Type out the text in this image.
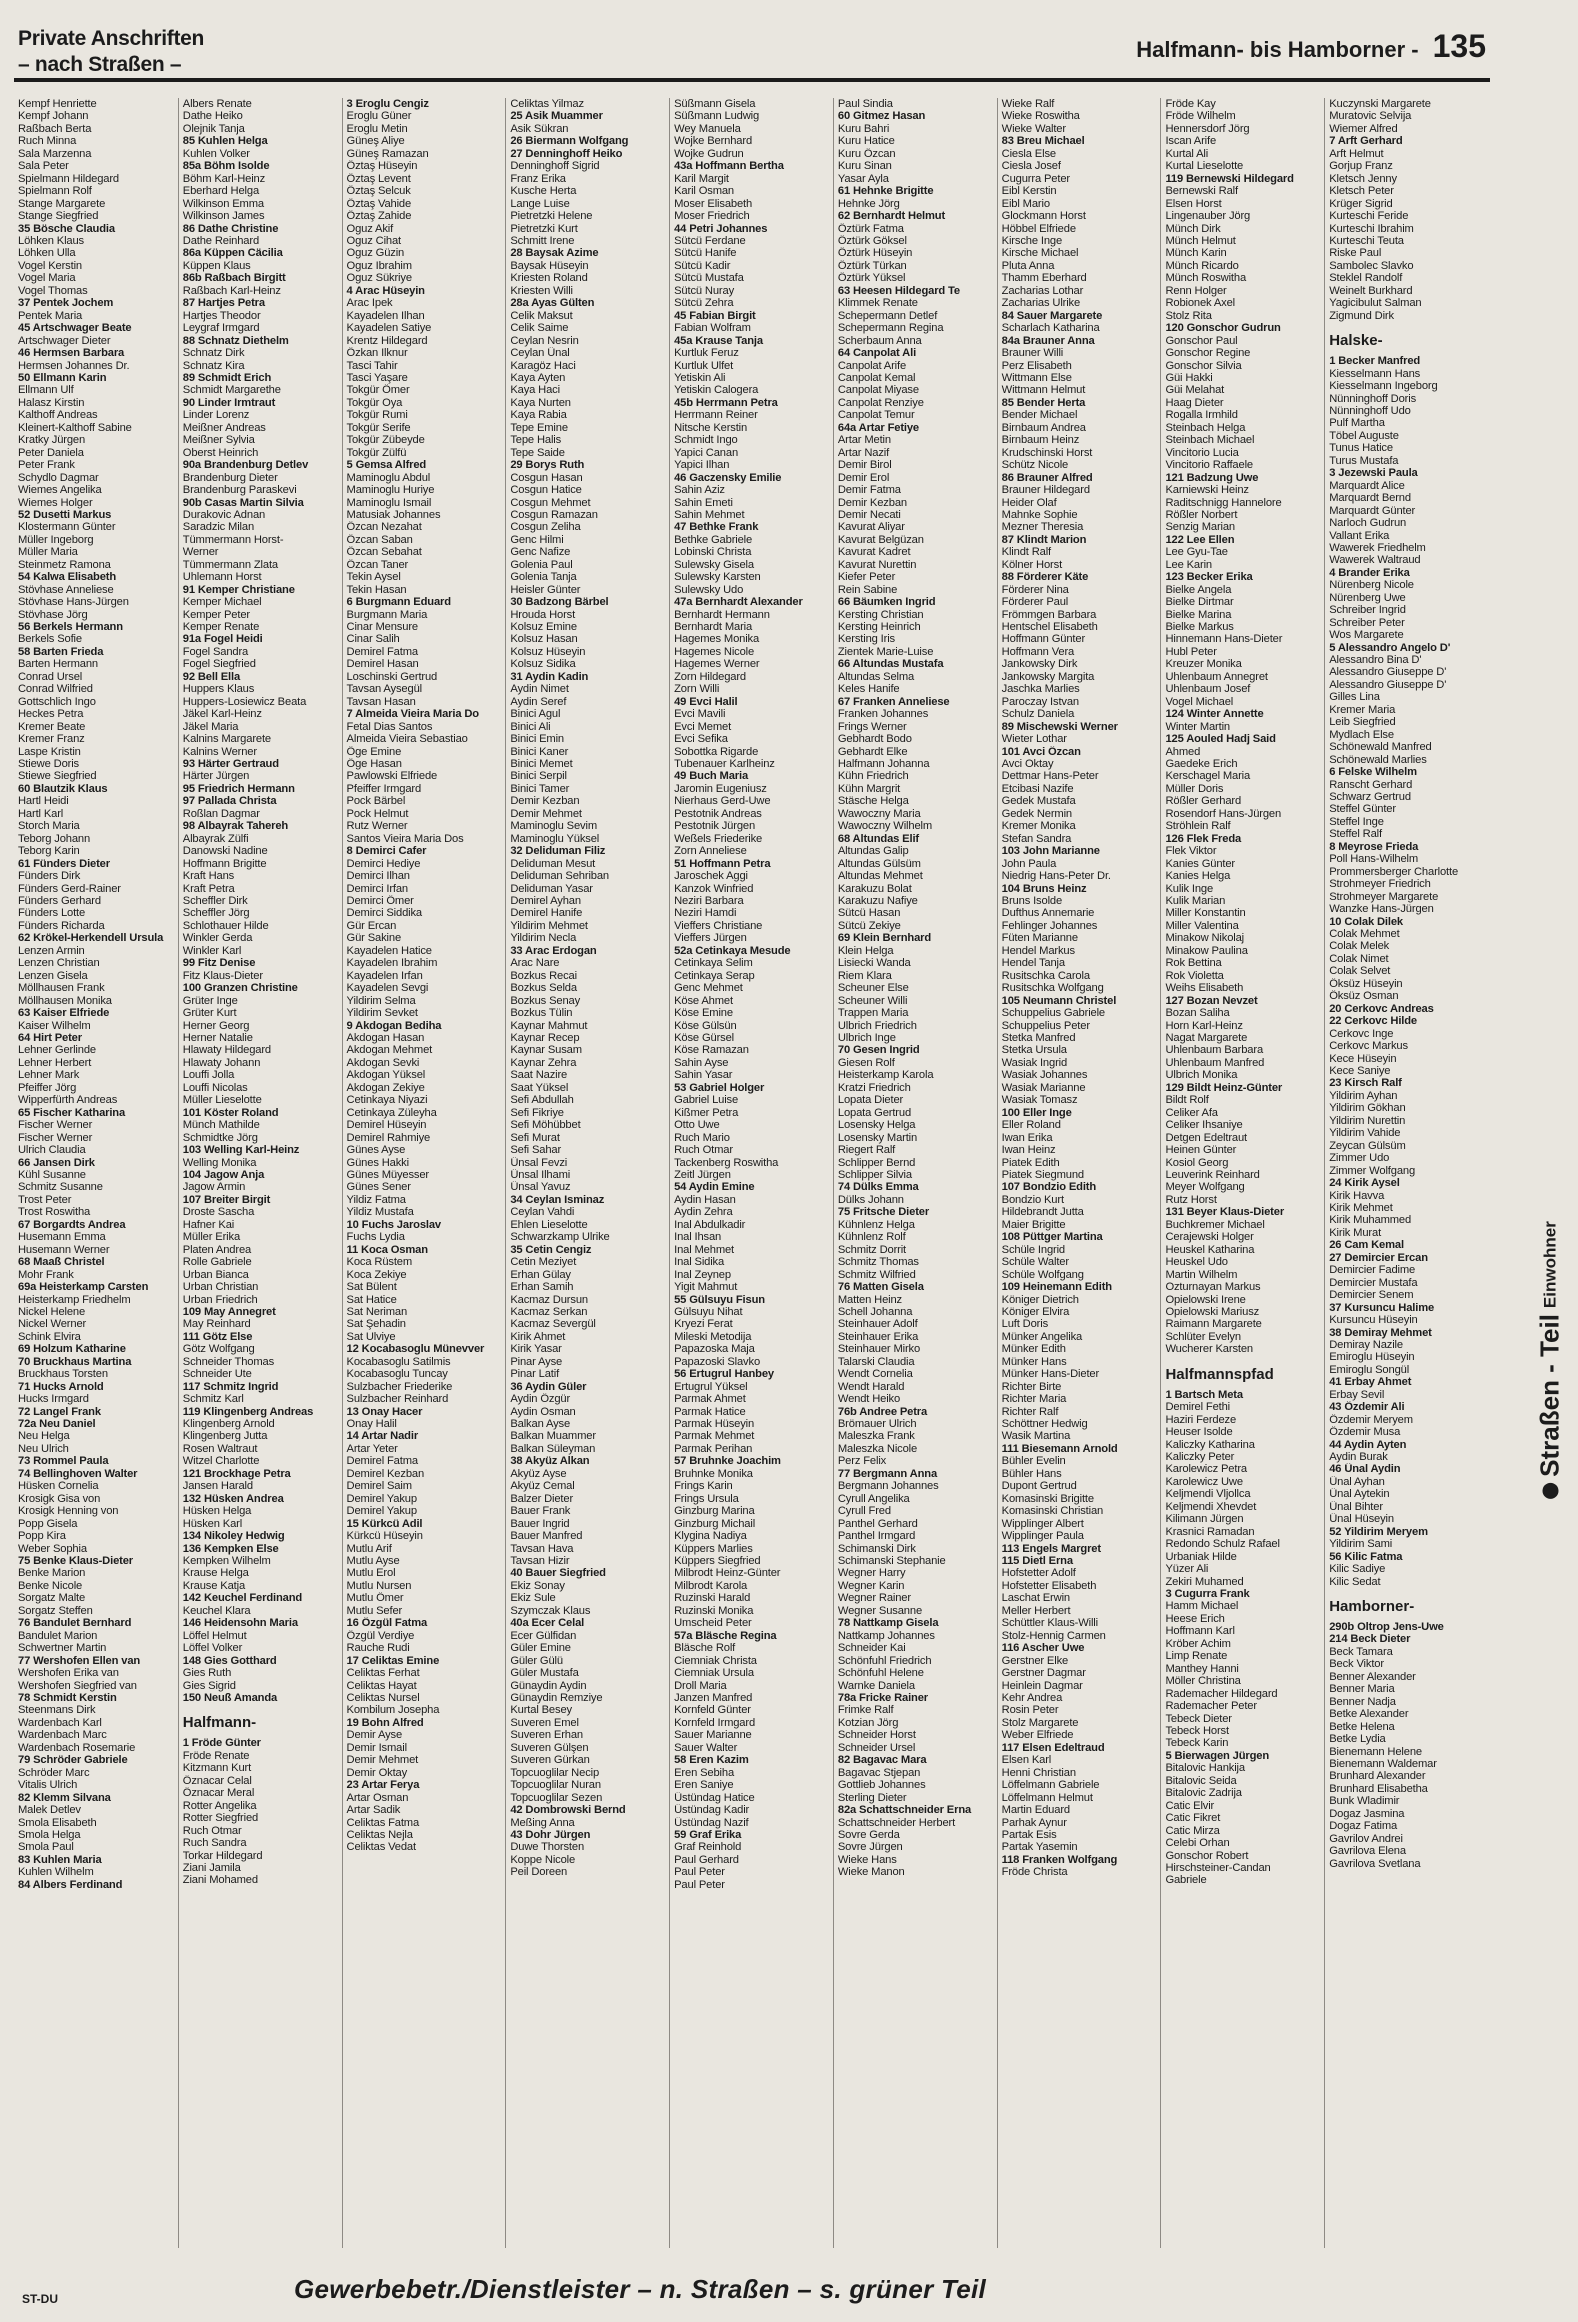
Private Anschriften
– nach Straßen –
Halfmann- bis Hamborner - 135
Kempf Henriette
Kempf Johann
Raßbach Berta
Ruch Minna
Sala Marzenna
Sala Peter
Spielmann Hildegard
Spielmann Rolf
Stange Margarete
Stange Siegfried
35 Bösche Claudia
Löhken Klaus
Löhken Ulla
Vogel Kerstin
Vogel Maria
Vogel Thomas
37 Pentek Jochem
Pentek Maria
45 Artschwager Beate
Artschwager Dieter
46 Hermsen Barbara
Hermsen Johannes Dr.
50 Ellmann Karin
Ellmann Ulf
Halasz Kirstin
Kalthoff Andreas
Kleinert-Kalthoff Sabine
Kratky Jürgen
Peter Daniela
Peter Frank
Schydlo Dagmar
Wiemes Angelika
Wiemes Holger
52 Dusetti Markus
Klostermann Günter
Müller Ingeborg
Müller Maria
Steinmetz Ramona
54 Kalwa Elisabeth
Stövhase Anneliese
Stövhase Hans-Jürgen
Stövhase Jörg
56 Berkels Hermann
Berkels Sofie
58 Barten Frieda
Barten Hermann
Conrad Ursel
Conrad Wilfried
Gottschlich Ingo
Heckes Petra
Kremer Beate
Kremer Franz
Laspe Kristin
Stiewe Doris
Stiewe Siegfried
60 Blautzik Klaus
Hartl Heidi
Hartl Karl
Storch Maria
Teborg Johann
Teborg Karin
61 Fünders Dieter
Fünders Dirk
Fünders Gerd-Rainer
Fünders Gerhard
Fünders Lotte
Fünders Richarda
62 Krökel-Herkendell Ursula
Lenzen Armin
Lenzen Christian
Lenzen Gisela
Möllhausen Frank
Möllhausen Monika
63 Kaiser Elfriede
Kaiser Wilhelm
64 Hirt Peter
Lehner Gerlinde
Lehner Herbert
Lehner Mark
Pfeiffer Jörg
Wipperfürth Andreas
65 Fischer Katharina
Fischer Werner
Fischer Werner
Ulrich Claudia
66 Jansen Dirk
Kühl Susanne
Schmitz Susanne
Trost Peter
Trost Roswitha
67 Borgardts Andrea
Husemann Emma
Husemann Werner
68 Maaß Christel
Mohr Frank
69a Heisterkamp Carsten
Heisterkamp Friedhelm
Nickel Helene
Nickel Werner
Schink Elvira
69 Holzum Katharine
70 Bruckhaus Martina
Bruckhaus Torsten
71 Hucks Arnold
Hucks Irmgard
72 Langel Frank
72a Neu Daniel
Neu Helga
Neu Ulrich
73 Rommel Paula
74 Bellinghoven Walter
Hüsken Cornelia
Krosigk Gisa von
Krosigk Henning von
Popp Gisela
Popp Kira
Weber Sophia
75 Benke Klaus-Dieter
Benke Marion
Benke Nicole
Sorgatz Malte
Sorgatz Steffen
76 Bandulet Bernhard
Bandulet Marion
Schwertner Martin
77 Wershofen Ellen van
Wershofen Erika van
Wershofen Siegfried van
78 Schmidt Kerstin
Steenmans Dirk
Wardenbach Karl
Wardenbach Marc
Wardenbach Rosemarie
79 Schröder Gabriele
Schröder Marc
Vitalis Ulrich
82 Klemm Silvana
Malek Detlev
Smola Elisabeth
Smola Helga
Smola Paul
83 Kuhlen Maria
Kuhlen Wilhelm
84 Albers Ferdinand
Albers Renate
Dathe Heiko
Olejnik Tanja
85 Kuhlen Helga
Kuhlen Volker
85a Böhm Isolde
Böhm Karl-Heinz
Eberhard Helga
Wilkinson Emma
Wilkinson James
86 Dathe Christine
Dathe Reinhard
86a Küppen Cäcilia
Küppen Klaus
86b Raßbach Birgitt
Raßbach Karl-Heinz
87 Hartjes Petra
Hartjes Theodor
Leygraf Irmgard
88 Schnatz Diethelm
Schnatz Dirk
Schnatz Kira
89 Schmidt Erich
Schmidt Margarethe
90 Linder Irmtraut
Linder Lorenz
Meißner Andreas
Meißner Sylvia
Oberst Heinrich
90a Brandenburg Detlev
Brandenburg Dieter
Brandenburg Paraskevi
90b Casas Martin Silvia
Durakovic Adnan
Saradzic Milan
Tümmermann Horst-
Werner
Tümmermann Zlata
Uhlemann Horst
91 Kemper Christiane
Kemper Michael
Kemper Peter
Kemper Renate
91a Fogel Heidi
Fogel Sandra
Fogel Siegfried
92 Bell Ella
Huppers Klaus
Huppers-Losiewicz Beata
Jäkel Karl-Heinz
Jäkel Maria
Kalnins Margarete
Kalnins Werner
93 Härter Gertraud
Härter Jürgen
95 Friedrich Hermann
97 Pallada Christa
Roßlan Dagmar
98 Albayrak Tahereh
Albayrak Zülfi
Danowski Nadine
Hoffmann Brigitte
Kraft Hans
Kraft Petra
Scheffler Dirk
Scheffler Jörg
Schlothauer Hilde
Winkler Gerda
Winkler Karl
99 Fitz Denise
Fitz Klaus-Dieter
100 Granzen Christine
Grüter Inge
Grüter Kurt
Herner Georg
Herner Natalie
Hlawaty Hildegard
Hlawaty Johann
Louffi Jolla
Louffi Nicolas
Müller Lieselotte
101 Köster Roland
Münch Mathilde
Schmidtke Jörg
103 Welling Karl-Heinz
Welling Monika
104 Jagow Anja
Jagow Armin
107 Breiter Birgit
Droste Sascha
Hafner Kai
Müller Erika
Platen Andrea
Rolle Gabriele
Urban Bianca
Urban Christian
Urban Friedrich
109 May Annegret
May Reinhard
111 Götz Else
Götz Wolfgang
Schneider Thomas
Schneider Ute
117 Schmitz Ingrid
Schmitz Karl
119 Klingenberg Andreas
Klingenberg Arnold
Klingenberg Jutta
Rosen Waltraut
Witzel Charlotte
121 Brockhage Petra
Jansen Harald
132 Hüsken Andrea
Hüsken Helga
Hüsken Karl
134 Nikoley Hedwig
136 Kempken Else
Kempken Wilhelm
Krause Helga
Krause Katja
142 Keuchel Ferdinand
Keuchel Klara
146 Heidensohn Maria
Löffel Helmut
Löffel Volker
148 Gies Gotthard
Gies Ruth
Gies Sigrid
150 Neuß Amanda
Halfmann-
1 Fröde Günter
Fröde Renate
Kitzmann Kurt
Öznacar Celal
Öznacar Meral
Rotter Angelika
Rotter Siegfried
Ruch Otmar
Ruch Sandra
Torkar Hildegard
Ziani Jamila
Ziani Mohamed
3 Eroglu Cengiz
Eroglu Güner
Eroglu Metin
Güneş Aliye
Güneş Ramazan
Öztaş Hüseyin
Öztaş Levent
Öztaş Selcuk
Öztaş Vahide
Öztaş Zahide
Oguz Akif
Oguz Cihat
Oguz Güzin
Oguz Ibrahim
Oguz Sükriye
4 Arac Hüseyin
Arac Ipek
Kayadelen Ilhan
Kayadelen Satiye
Krentz Hildegard
Özkan Ilknur
Tasci Tahir
Tasci Yaşare
Tokgür Ömer
Tokgür Oya
Tokgür Rumi
Tokgür Serife
Tokgür Zübeyde
Tokgür Zülfü
5 Gemsa Alfred
Maminoglu Abdul
Maminoglu Huriye
Maminoglu Ismail
Matusiak Johannes
Özcan Nezahat
Özcan Saban
Özcan Sebahat
Özcan Taner
Tekin Aysel
Tekin Hasan
6 Burgmann Eduard
Burgmann Maria
Cinar Mensure
Cinar Salih
Demirel Fatma
Demirel Hasan
Loschinski Gertrud
Tavsan Aysegül
Tavsan Hasan
7 Almeida Vieira Maria Do
Fetal Dias Santos
Almeida Vieira Sebastiao
Öge Emine
Öge Hasan
Pawlowski Elfriede
Pfeiffer Irmgard
Pock Bärbel
Pock Helmut
Rutz Werner
Santos Vieira Maria Dos
8 Demirci Cafer
Demirci Hediye
Demirci Ilhan
Demirci Irfan
Demirci Ömer
Demirci Siddika
Gür Ercan
Gür Sakine
Kayadelen Hatice
Kayadelen Ibrahim
Kayadelen Irfan
Kayadelen Sevgi
Yildirim Selma
Yildirim Sevket
9 Akdogan Bediha
Akdogan Hasan
Akdogan Mehmet
Akdogan Sevki
Akdogan Yüksel
Akdogan Zekiye
Cetinkaya Niyazi
Cetinkaya Züleyha
Demirel Hüseyin
Demirel Rahmiye
Günes Ayse
Günes Hakki
Günes Müyesser
Günes Sener
Yildiz Fatma
Yildiz Mustafa
10 Fuchs Jaroslav
Fuchs Lydia
11 Koca Osman
Koca Rüstem
Koca Zekiye
Sat Bülent
Sat Hatice
Sat Neriman
Sat Şehadin
Sat Ulviye
12 Kocabasoglu Münevver
Kocabasoglu Satilmis
Kocabasoglu Tuncay
Sulzbacher Friederike
Sulzbacher Reinhard
13 Onay Hacer
Onay Halil
14 Artar Nadir
Artar Yeter
Demirel Fatma
Demirel Kezban
Demirel Saim
Demirel Yakup
Demirel Yakup
15 Kürkcü Adil
Kürkcü Hüseyin
Mutlu Arif
Mutlu Ayse
Mutlu Erol
Mutlu Nursen
Mutlu Ömer
Mutlu Sefer
16 Özgül Fatma
Özgül Verdiye
Rauche Rudi
17 Celiktas Emine
Celiktas Ferhat
Celiktas Hayat
Celiktas Nursel
Kombilum Josepha
19 Bohn Alfred
Demir Ayse
Demir Ismail
Demir Mehmet
Demir Oktay
23 Artar Ferya
Artar Osman
Artar Sadik
Celiktas Fatma
Celiktas Nejla
Celiktas Vedat
Celiktas Yilmaz
25 Asik Muammer
Asik Sükran
26 Biermann Wolfgang
27 Denninghoff Heiko
Denninghoff Sigrid
Franz Erika
Kusche Herta
Lange Luise
Pietretzki Helene
Pietretzki Kurt
Schmitt Irene
28 Baysak Azime
Baysak Hüseyin
Kriesten Roland
Kriesten Willi
28a Ayas Gülten
Celik Maksut
Celik Saime
Ceylan Nesrin
Ceylan Ünal
Karagöz Haci
Kaya Ayten
Kaya Haci
Kaya Nurten
Kaya Rabia
Tepe Emine
Tepe Halis
Tepe Saide
29 Borys Ruth
Cosgun Hasan
Cosgun Hatice
Cosgun Mehmet
Cosgun Ramazan
Cosgun Zeliha
Genc Hilmi
Genc Nafize
Golenia Paul
Golenia Tanja
Heisler Günter
30 Badzong Bärbel
Hrouda Horst
Kolsuz Emine
Kolsuz Hasan
Kolsuz Hüseyin
Kolsuz Sidika
31 Aydin Kadin
Aydin Nimet
Aydin Seref
Binici Agul
Binici Ali
Binici Emin
Binici Kaner
Binici Memet
Binici Serpil
Binici Tamer
Demir Kezban
Demir Mehmet
Maminoglu Sevim
Maminoglu Yüksel
32 Deliduman Filiz
Deliduman Mesut
Deliduman Sehriban
Deliduman Yasar
Demirel Ayhan
Demirel Hanife
Yildirim Mehmet
Yildirim Necla
33 Arac Erdogan
Arac Nare
Bozkus Recai
Bozkus Selda
Bozkus Senay
Bozkus Tülin
Kaynar Mahmut
Kaynar Recep
Kaynar Susam
Kaynar Zehra
Saat Nazire
Saat Yüksel
Sefi Abdullah
Sefi Fikriye
Sefi Möhübbet
Sefi Murat
Sefi Sahar
Ünsal Fevzi
Ünsal Ilhami
Ünsal Yavuz
34 Ceylan Isminaz
Ceylan Vahdi
Ehlen Lieselotte
Schwarzkamp Ulrike
35 Cetin Cengiz
Cetin Meziyet
Erhan Gülay
Erhan Samih
Kacmaz Dursun
Kacmaz Serkan
Kacmaz Severgül
Kirik Ahmet
Kirik Yasar
Pinar Ayse
Pinar Latif
36 Aydin Güler
Aydin Özgür
Aydin Osman
Balkan Ayse
Balkan Muammer
Balkan Süleyman
38 Akyüz Alkan
Akyüz Ayse
Akyüz Cemal
Balzer Dieter
Bauer Frank
Bauer Ingrid
Bauer Manfred
Tavsan Hava
Tavsan Hizir
40 Bauer Siegfried
Ekiz Sonay
Ekiz Sule
Szymczak Klaus
40a Ecer Celal
Ecer Gülfidan
Güler Emine
Güler Gülü
Güler Mustafa
Günaydin Aydin
Günaydin Remziye
Kurtal Besey
Suveren Emel
Suveren Erhan
Suveren Gülşen
Suveren Gürkan
Topcuoglilar Necip
Topcuoglilar Nuran
Topcuoglilar Sezen
42 Dombrowski Bernd
Meßing Anna
43 Dohr Jürgen
Duwe Thorsten
Koppe Nicole
Peil Doreen
Süßmann Gisela
Süßmann Ludwig
Wey Manuela
Wojke Bernhard
Wojke Gudrun
43a Hoffmann Bertha
Karil Margit
Karil Osman
Moser Elisabeth
Moser Friedrich
44 Petri Johannes
Sütcü Ferdane
Sütcü Hanife
Sütcü Kadir
Sütcü Mustafa
Sütcü Nuray
Sütcü Zehra
45 Fabian Birgit
Fabian Wolfram
45a Krause Tanja
Kurtluk Feruz
Kurtluk Ulfet
Yetiskin Ali
Yetiskin Calogera
45b Herrmann Petra
Herrmann Reiner
Nitsche Kerstin
Schmidt Ingo
Yapici Canan
Yapici Ilhan
46 Gaczensky Emilie
Sahin Aziz
Sahin Emeti
Sahin Mehmet
47 Bethke Frank
Bethke Gabriele
Lobinski Christa
Sulewsky Gisela
Sulewsky Karsten
Sulewsky Udo
47a Bernhardt Alexander
Bernhardt Hermann
Bernhardt Maria
Hagemes Monika
Hagemes Nicole
Hagemes Werner
Zorn Hildegard
Zorn Willi
49 Evci Halil
Evci Mavili
Evci Memet
Evci Sefika
Sobottka Rigarde
Tubenauer Karlheinz
49 Buch Maria
Jaromin Eugeniusz
Nierhaus Gerd-Uwe
Pestotnik Andreas
Pestotnik Jürgen
Weßels Friederike
Zorn Anneliese
51 Hoffmann Petra
Jaroschek Aggi
Kanzok Winfried
Neziri Barbara
Neziri Hamdi
Vieffers Christiane
Vieffers Jürgen
52a Cetinkaya Mesude
Cetinkaya Selim
Cetinkaya Serap
Genc Mehmet
Köse Ahmet
Köse Emine
Köse Gülsün
Köse Gürsel
Köse Ramazan
Sahin Ayse
Sahin Yasar
53 Gabriel Holger
Gabriel Luise
Kißmer Petra
Otto Uwe
Ruch Mario
Ruch Otmar
Tackenberg Roswitha
Zeitl Jürgen
54 Aydin Emine
Aydin Hasan
Aydin Zehra
Inal Abdulkadir
Inal Ihsan
Inal Mehmet
Inal Sidika
Inal Zeynep
Yigit Mahmut
55 Gülsuyu Fisun
Gülsuyu Nihat
Kryezi Ferat
Mileski Metodija
Papazoska Maja
Papazoski Slavko
56 Ertugrul Hanbey
Ertugrul Yüksel
Parmak Ahmet
Parmak Hatice
Parmak Hüseyin
Parmak Mehmet
Parmak Perihan
57 Bruhnke Joachim
Bruhnke Monika
Frings Karin
Frings Ursula
Ginzburg Marina
Ginzburg Michail
Klygina Nadiya
Küppers Marlies
Küppers Siegfried
Milbrodt Heinz-Günter
Milbrodt Karola
Ruzinski Harald
Ruzinski Monika
Umscheid Peter
57a Bläsche Regina
Bläsche Rolf
Ciemniak Christa
Ciemniak Ursula
Droll Maria
Janzen Manfred
Kornfeld Günter
Kornfeld Irmgard
Sauer Marianne
Sauer Walter
58 Eren Kazim
Eren Sebiha
Eren Saniye
Üstündag Hatice
Üstündag Kadir
Üstündag Nazif
59 Graf Erika
Graf Reinhold
Paul Gerhard
Paul Peter
Paul Peter
Paul Sindia
60 Gitmez Hasan
Kuru Bahri
Kuru Hatice
Kuru Özcan
Kuru Sinan
Yasar Ayla
61 Hehnke Brigitte
Hehnke Jörg
62 Bernhardt Helmut
Öztürk Fatma
Öztürk Göksel
Öztürk Hüseyin
Öztürk Türkan
Öztürk Yüksel
63 Heesen Hildegard Te
Klimmek Renate
Schepermann Detlef
Schepermann Regina
Scherbaum Anna
64 Canpolat Ali
Canpolat Arife
Canpolat Kemal
Canpolat Miyase
Canpolat Renziye
Canpolat Temur
64a Artar Fetiye
Artar Metin
Artar Nazif
Demir Birol
Demir Erol
Demir Fatma
Demir Kezban
Demir Necati
Kavurat Aliyar
Kavurat Belgüzan
Kavurat Kadret
Kavurat Nurettin
Kiefer Peter
Rein Sabine
66 Bäumken Ingrid
Kersting Christian
Kersting Heinrich
Kersting Iris
Zientek Marie-Luise
66 Altundas Mustafa
Altundas Selma
Keles Hanife
67 Franken Anneliese
Franken Johannes
Frings Werner
Gebhardt Bodo
Gebhardt Elke
Halfmann Johanna
Kühn Friedrich
Kühn Margrit
Stäsche Helga
Wawoczny Maria
Wawoczny Wilhelm
68 Altundas Elif
Altundas Galip
Altundas Gülsüm
Altundas Mehmet
Karakuzu Bolat
Karakuzu Nafiye
Sütcü Hasan
Sütcü Zekiye
69 Klein Bernhard
Klein Helga
Lisiecki Wanda
Riem Klara
Scheuner Else
Scheuner Willi
Trappen Maria
Ulbrich Friedrich
Ulbrich Inge
70 Gesen Ingrid
Giesen Rolf
Heisterkamp Karola
Kratzi Friedrich
Lopata Dieter
Lopata Gertrud
Losensky Helga
Losensky Martin
Riegert Ralf
Schlipper Bernd
Schlipper Silvia
74 Dülks Emma
Dülks Johann
75 Fritsche Dieter
Kühnlenz Helga
Kühnlenz Rolf
Schmitz Dorrit
Schmitz Thomas
Schmitz Wilfried
76 Matten Gisela
Matten Heinz
Schell Johanna
Steinhauer Adolf
Steinhauer Erika
Steinhauer Mirko
Talarski Claudia
Wendt Cornelia
Wendt Harald
Wendt Heiko
76b Andree Petra
Brömauer Ulrich
Maleszka Frank
Maleszka Nicole
Perz Felix
77 Bergmann Anna
Bergmann Johannes
Cyrull Angelika
Cyrull Fred
Panthel Gerhard
Panthel Irmgard
Schimanski Dirk
Schimanski Stephanie
Wegner Harry
Wegner Karin
Wegner Rainer
Wegner Susanne
78 Nattkamp Gisela
Nattkamp Johannes
Schneider Kai
Schönfuhl Friedrich
Schönfuhl Helene
Warnke Daniela
78a Fricke Rainer
Frimke Ralf
Kotzian Jörg
Schneider Horst
Schneider Ursel
82 Bagavac Mara
Bagavac Stjepan
Gottlieb Johannes
Sterling Dieter
82a Schattschneider Erna
Schattschneider Herbert
Sovre Gerda
Sovre Jürgen
Wieke Hans
Wieke Manon
Wieke Ralf
Wieke Roswitha
Wieke Walter
83 Breu Michael
Ciesla Else
Ciesla Josef
Cugurra Peter
Eibl Kerstin
Eibl Mario
Glockmann Horst
Höbbel Elfriede
Kirsche Inge
Kirsche Michael
Pluta Anna
Thamm Eberhard
Zacharias Lothar
Zacharias Ulrike
84 Sauer Margarete
Scharlach Katharina
84a Brauner Anna
Brauner Willi
Perz Elisabeth
Wittmann Else
Wittmann Helmut
85 Bender Herta
Bender Michael
Birnbaum Andrea
Birnbaum Heinz
Krudschinski Horst
Schütz Nicole
86 Brauner Alfred
Brauner Hildegard
Heider Olaf
Mahnke Sophie
Mezner Theresia
87 Klindt Marion
Klindt Ralf
Kölner Horst
88 Förderer Käte
Förderer Nina
Förderer Paul
Frömmgen Barbara
Hentschel Elisabeth
Hoffmann Günter
Hoffmann Vera
Jankowsky Dirk
Jankowsky Margita
Jaschka Marlies
Paroczay Istvan
Schulz Daniela
89 Mischewski Werner
Wieter Lothar
101 Avci Özcan
Avci Oktay
Dettmar Hans-Peter
Etcibasi Nazife
Gedek Mustafa
Gedek Nermin
Kremer Monika
Stefan Sandra
103 John Marianne
John Paula
Niedrig Hans-Peter Dr.
104 Bruns Heinz
Bruns Isolde
Dufthus Annemarie
Fehlinger Johannes
Füten Marianne
Hendel Markus
Hendel Tanja
Rusitschka Carola
Rusitschka Wolfgang
105 Neumann Christel
Schuppelius Gabriele
Schuppelius Peter
Stetka Manfred
Stetka Ursula
Wasiak Ingrid
Wasiak Johannes
Wasiak Marianne
Wasiak Tomasz
100 Eller Inge
Eller Roland
Iwan Erika
Iwan Heinz
Piatek Edith
Piatek Siegmund
107 Bondzio Edith
Bondzio Kurt
Hildebrandt Jutta
Maier Brigitte
108 Püttger Martina
Schüle Ingrid
Schüle Walter
Schüle Wolfgang
109 Heinemann Edith
Königer Dietrich
Königer Elvira
Luft Doris
Münker Angelika
Münker Edith
Münker Hans
Münker Hans-Dieter
Richter Birte
Richter Maria
Richter Ralf
Schöttner Hedwig
Wasik Martina
111 Biesemann Arnold
Bühler Evelin
Bühler Hans
Dupont Gertrud
Komasinski Brigitte
Komasinski Christian
Wipplinger Albert
Wipplinger Paula
113 Engels Margret
115 Dietl Erna
Hofstetter Adolf
Hofstetter Elisabeth
Laschat Erwin
Meller Herbert
Schüttler Klaus-Willi
Stolz-Hennig Carmen
116 Ascher Uwe
Gerstner Elke
Gerstner Dagmar
Heinlein Dagmar
Kehr Andrea
Rosin Peter
Stolz Margarete
Weber Elfriede
117 Elsen Edeltraud
Elsen Karl
Henni Christian
Löffelmann Gabriele
Löffelmann Helmut
Martin Eduard
Parhak Aynur
Partak Esis
Partak Yasemin
118 Franken Wolfgang
Fröde Christa
Fröde Kay
Fröde Wilhelm
Hennersdorf Jörg
Iscan Arife
Kurtal Ali
Kurtal Lieselotte
119 Bernewski Hildegard
Bernewski Ralf
Elsen Horst
Lingenauber Jörg
Münch Dirk
Münch Helmut
Münch Karin
Münch Ricardo
Münch Roswitha
Renn Holger
Robionek Axel
Stolz Rita
120 Gonschor Gudrun
Gonschor Paul
Gonschor Regine
Gonschor Silvia
Güi Hakki
Güi Melahat
Haag Dieter
Rogalla Irmhild
Steinbach Helga
Steinbach Michael
Vincitorio Lucia
Vincitorio Raffaele
121 Badzung Uwe
Karniewski Heinz
Raditschnigg Hannelore
Rößler Norbert
Senzig Marian
122 Lee Ellen
Lee Gyu-Tae
Lee Karin
123 Becker Erika
Bielke Angela
Bielke Dirtmar
Bielke Marina
Bielke Markus
Hinnemann Hans-Dieter
Hubl Peter
Kreuzer Monika
Uhlenbaum Annegret
Uhlenbaum Josef
Vogel Michael
124 Winter Annette
Winter Martin
125 Aouled Hadj Said
Ahmed
Gaedeke Erich
Kerschagel Maria
Müller Doris
Rößler Gerhard
Rosendorf Hans-Jürgen
Ströhlein Ralf
126 Flek Freda
Flek Viktor
Kanies Günter
Kanies Helga
Kulik Inge
Kulik Marian
Miller Konstantin
Miller Valentina
Minakow Nikolaj
Minakow Paulina
Rok Bettina
Rok Violetta
Weihs Elisabeth
127 Bozan Nevzet
Bozan Saliha
Horn Karl-Heinz
Nagat Margarete
Uhlenbaum Barbara
Uhlenbaum Manfred
Ulbrich Monika
129 Bildt Heinz-Günter
Bildt Rolf
Celiker Afa
Celiker Ihsaniye
Detgen Edeltraut
Heinen Günter
Kosiol Georg
Leuverink Reinhard
Meyer Wolfgang
Rutz Horst
131 Beyer Klaus-Dieter
Buchkremer Michael
Cerajewski Holger
Heuskel Katharina
Heuskel Udo
Martin Wilhelm
Ozturnayan Markus
Opielowski Irene
Opielowski Mariusz
Raimann Margarete
Schlüter Evelyn
Wucherer Karsten
Halfmannspfad
1 Bartsch Meta
Demirel Fethi
Haziri Ferdeze
Heuser Isolde
Kaliczky Katharina
Kaliczky Peter
Karolewicz Petra
Karolewicz Uwe
Keljmendi Vljollca
Keljmendi Xhevdet
Kilimann Jürgen
Krasnici Ramadan
Redondo Schulz Rafael
Urbaniak Hilde
Yüzer Ali
Zekiri Muhamed
3 Cugurra Frank
Hamm Michael
Heese Erich
Hoffmann Karl
Kröber Achim
Limp Renate
Manthey Hanni
Möller Christina
Rademacher Hildegard
Rademacher Peter
Tebeck Dieter
Tebeck Horst
Tebeck Karin
5 Bierwagen Jürgen
Bitalovic Hankija
Bitalovic Seida
Bitalovic Zadrija
Catic Elvir
Catic Fikret
Catic Mirza
Celebi Orhan
Gonschor Robert
Hirschsteiner-Candan
Gabriele
Kuczynski Margarete
Muratovic Selvija
Wiemer Alfred
7 Arft Gerhard
Arft Helmut
Gorjup Franz
Kletsch Jenny
Kletsch Peter
Krüger Sigrid
Kurteschi Feride
Kurteschi Ibrahim
Kurteschi Teuta
Riske Paul
Sambolec Slavko
Steklel Randolf
Weinelt Burkhard
Yagicibulut Salman
Zigmund Dirk
Halske-
1 Becker Manfred
Kiesselmann Hans
Kiesselmann Ingeborg
Nünninghoff Doris
Nünninghoff Udo
Pulf Martha
Töbel Auguste
Tunus Hatice
Turus Mustafa
3 Jezewski Paula
Marquardt Alice
Marquardt Bernd
Marquardt Günter
Narloch Gudrun
Vallant Erika
Wawerek Friedhelm
Wawerek Waltraud
4 Brander Erika
Nürenberg Nicole
Nürenberg Uwe
Schreiber Ingrid
Schreiber Peter
Wos Margarete
5 Alessandro Angelo D'
Alessandro Bina D'
Alessandro Giuseppe D'
Alessandro Giuseppe D'
Gilles Lina
Kremer Maria
Leib Siegfried
Mydlach Else
Schönewald Manfred
Schönewald Marlies
6 Felske Wilhelm
Ranscht Gerhard
Schwarz Gertrud
Steffel Günter
Steffel Inge
Steffel Ralf
8 Meyrose Frieda
Poll Hans-Wilhelm
Prommersberger Charlotte
Strohmeyer Friedrich
Strohmeyer Margarete
Wanzke Hans-Jürgen
10 Colak Dilek
Colak Mehmet
Colak Melek
Colak Nimet
Colak Selvet
Öksüz Hüseyin
Öksüz Osman
20 Cerkovc Andreas
22 Cerkovc Hilde
Cerkovc Inge
Cerkovc Markus
Kece Hüseyin
Kece Saniye
23 Kirsch Ralf
Yildirim Ayhan
Yildirim Gökhan
Yildirim Nurettin
Yildirim Vahide
Zeycan Gülsüm
Zimmer Udo
Zimmer Wolfgang
24 Kirik Aysel
Kirik Havva
Kirik Mehmet
Kirik Muhammed
Kirik Murat
26 Cam Kemal
27 Demircier Ercan
Demircier Fadime
Demircier Mustafa
Demircier Senem
37 Kursuncu Halime
Kursuncu Hüseyin
38 Demiray Mehmet
Demiray Nazile
Emiroglu Hüseyin
Emiroglu Songül
41 Erbay Ahmet
Erbay Sevil
43 Özdemir Ali
Özdemir Meryem
Özdemir Musa
44 Aydin Ayten
Aydin Burak
46 Ünal Aydin
Ünal Ayhan
Ünal Aytekin
Ünal Bihter
Ünal Hüseyin
52 Yildirim Meryem
Yildirim Sami
56 Kilic Fatma
Kilic Sadiye
Kilic Sedat
Hamborner-
290b Oltrop Jens-Uwe
214 Beck Dieter
Beck Tamara
Beck Viktor
Benner Alexander
Benner Maria
Benner Nadja
Betke Alexander
Betke Helena
Betke Lydia
Bienemann Helene
Bienemann Waldemar
Brunhard Alexander
Brunhard Elisabetha
Bunk Wladimir
Dogaz Jasmina
Dogaz Fatima
Gavrilov Andrei
Gavrilova Elena
Gavrilova Svetlana
Straßen - Teil
Einwohner
ST-DU	Gewerbebetr./Dienstleister – n. Straßen – s. grüner Teil
